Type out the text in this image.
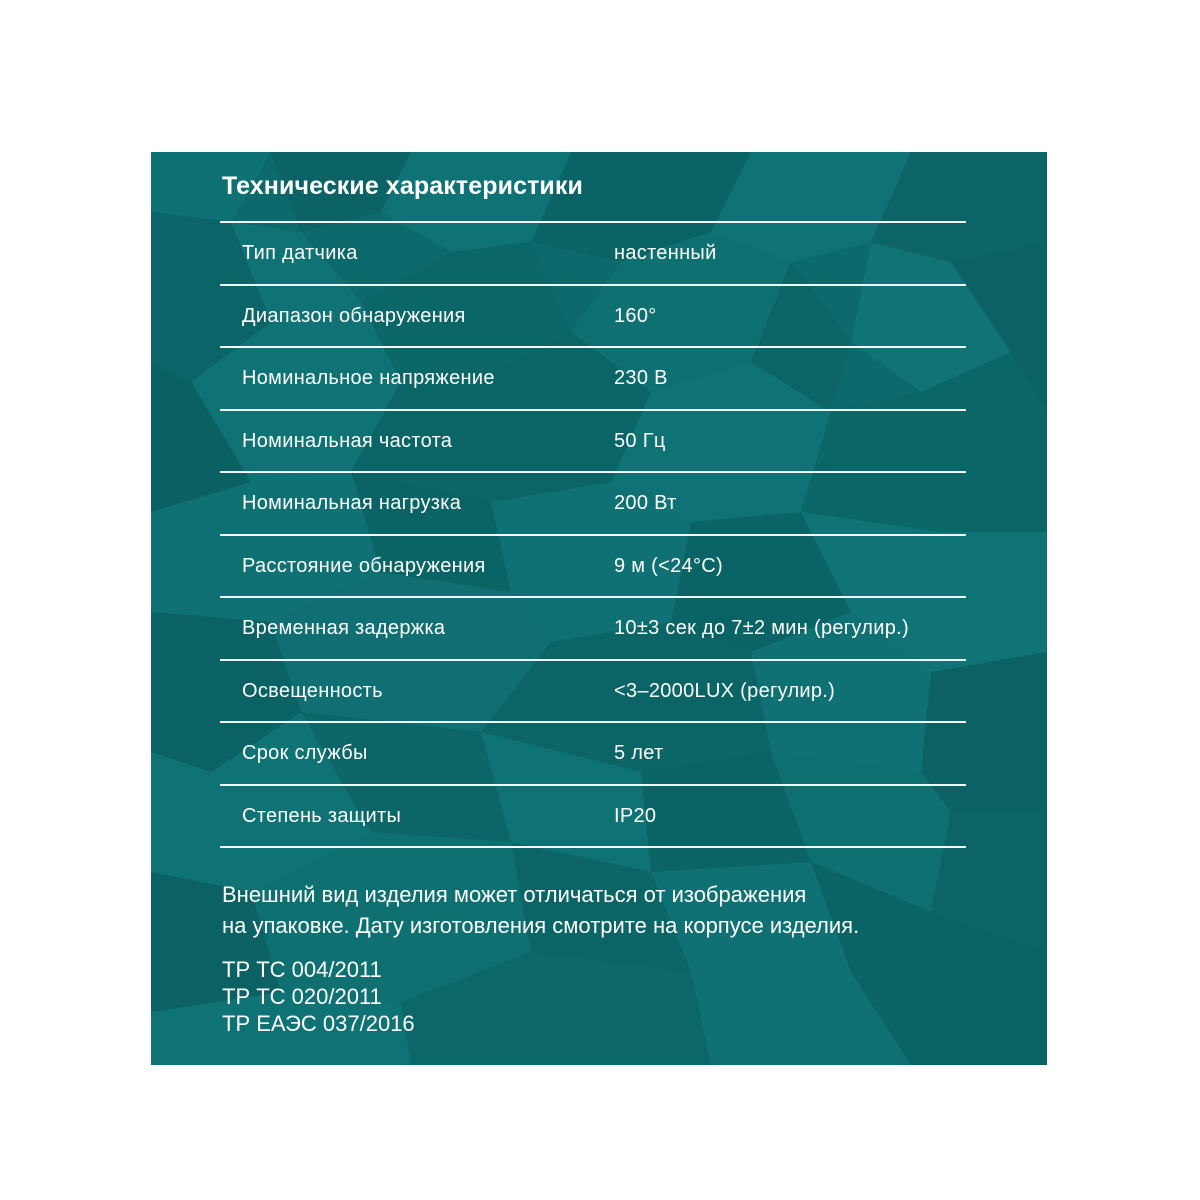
Технические характеристики
Тип датчика	настенный
Диапазон обнаружения	160°
Номинальное напряжение	230 В
Номинальная частота	50 Гц
Номинальная нагрузка	200 Вт
Расстояние обнаружения	9 м (<24°С)
Временная задержка	10±3 сек до 7±2 мин (регулир.)
Освещенность	<3–2000LUX (регулир.)
Срок службы	5 лет
Степень защиты	IP20

Внешний вид изделия может отличаться от изображения

на упаковке. Дату изготовления смотрите на корпусе изделия.

ТР ТС 004/2011
ТР ТС 020/2011
ТР ЕАЭС 037/2016
